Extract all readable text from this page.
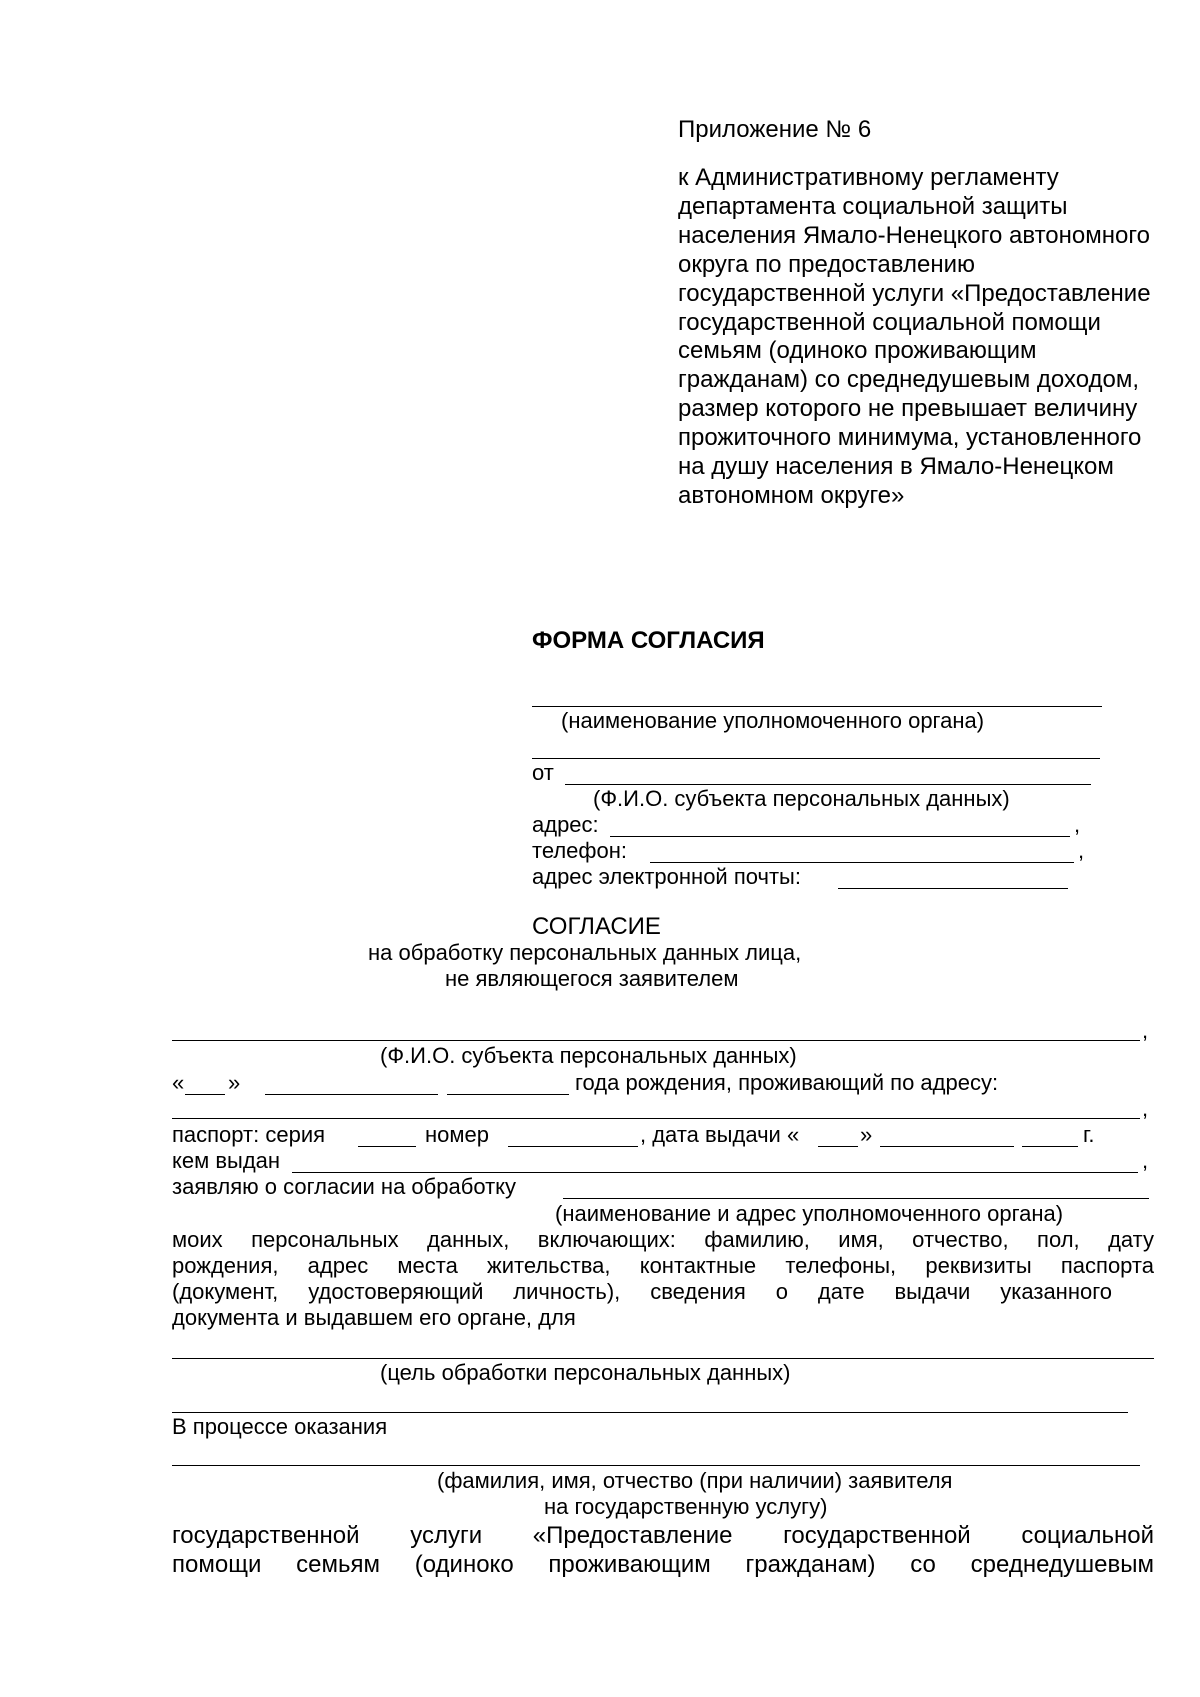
Приложение № 6

к Административному регламенту департамента социальной защиты населения Ямало-Ненецкого автономного округа по предоставлению государственной услуги «Предоставление государственной социальной помощи семьям (одиноко проживающим гражданам) со среднедушевым доходом, размер которого не превышает величину прожиточного минимума, установленного на душу населения в Ямало-Ненецком автономном округе»

ФОРМА СОГЛАСИЯ
(наименование уполномоченного органа)
от
(Ф.И.О. субъекта персональных данных)
адрес:	,
телефон:	,
адрес электронной почты:
СОГЛАСИЕ
на обработку персональных данных лица,
не являющегося заявителем
,
(Ф.И.О. субъекта персональных данных)
« »	года рождения, проживающий по адресу:
,
паспорт: серия	номер	, дата выдачи «	»	г.
кем выдан	,
заявляю о согласии на обработку
(наименование и адрес уполномоченного органа)
моих персональных данных, включающих: фамилию, имя, отчество, пол, дату
рождения, адрес места жительства, контактные телефоны, реквизиты паспорта
(документ, удостоверяющий личность), сведения о дате выдачи указанного
документа и выдавшем его органе, для
(цель обработки персональных данных)
В процессе оказания
(фамилия, имя, отчество (при наличии) заявителя
на государственную услугу)
государственной услуги «Предоставление государственной социальной
помощи семьям (одиноко проживающим гражданам) со среднедушевым
